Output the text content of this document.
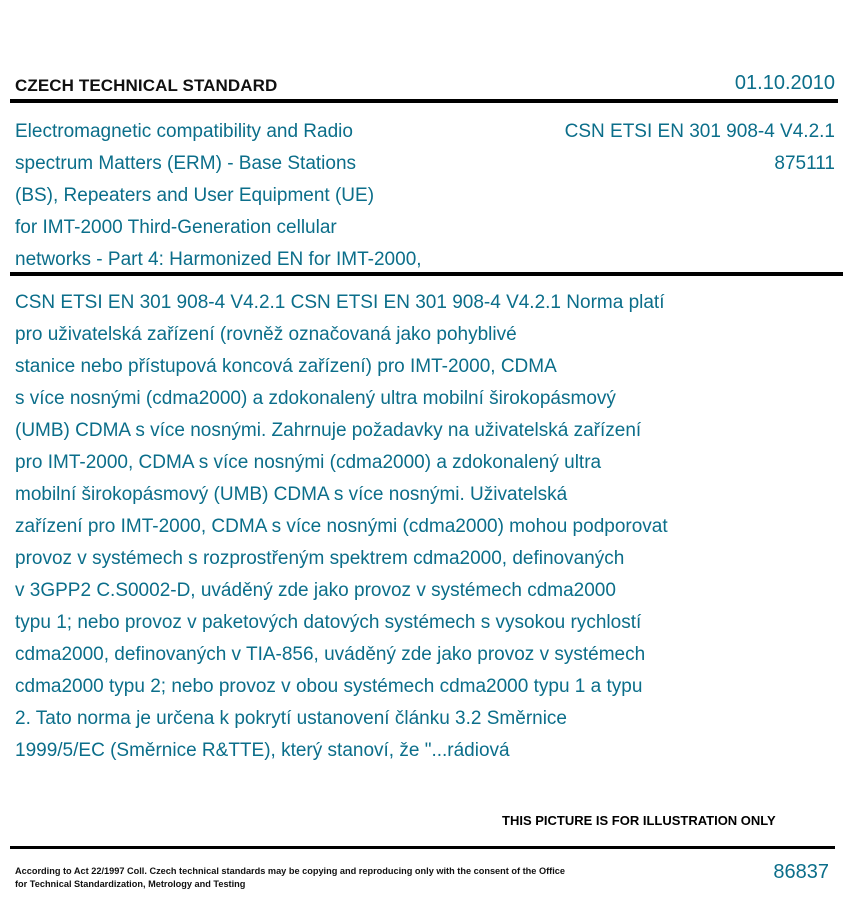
CZECH TECHNICAL STANDARD	01.10.2010
Electromagnetic compatibility and Radio
spectrum Matters (ERM) - Base Stations
(BS), Repeaters and User Equipment (UE)
for IMT-2000 Third-Generation cellular
networks - Part 4: Harmonized EN for IMT-2000,
CSN ETSI EN 301 908-4 V4.2.1
875111
CSN ETSI EN 301 908-4 V4.2.1 CSN ETSI EN 301 908-4 V4.2.1 Norma platí
pro uživatelská zařízení (rovněž označovaná jako pohyblivé
stanice nebo přístupová koncová zařízení) pro IMT-2000, CDMA
s více nosnými (cdma2000) a zdokonalený ultra mobilní širokopásmový
(UMB) CDMA s více nosnými. Zahrnuje požadavky na uživatelská zařízení
pro IMT-2000, CDMA s více nosnými (cdma2000) a zdokonalený ultra
mobilní širokopásmový (UMB) CDMA s více nosnými. Uživatelská
zařízení pro IMT-2000, CDMA s více nosnými (cdma2000) mohou podporovat
provoz v systémech s rozprostřeným spektrem cdma2000, definovaných
v 3GPP2 C.S0002-D, uváděný zde jako provoz v systémech cdma2000
typu 1; nebo provoz v paketových datových systémech s vysokou rychlostí
cdma2000, definovaných v TIA-856, uváděný zde jako provoz v systémech
cdma2000 typu 2; nebo provoz v obou systémech cdma2000 typu 1 a typu
2. Tato norma je určena k pokrytí ustanovení článku 3.2 Směrnice
1999/5/EC (Směrnice R&TTE), který stanoví, že "...rádiová
THIS PICTURE IS FOR ILLUSTRATION ONLY
According to Act 22/1997 Coll. Czech technical standards may be copying and reproducing only with the consent of the Office
for Technical Standardization, Metrology and Testing
86837
